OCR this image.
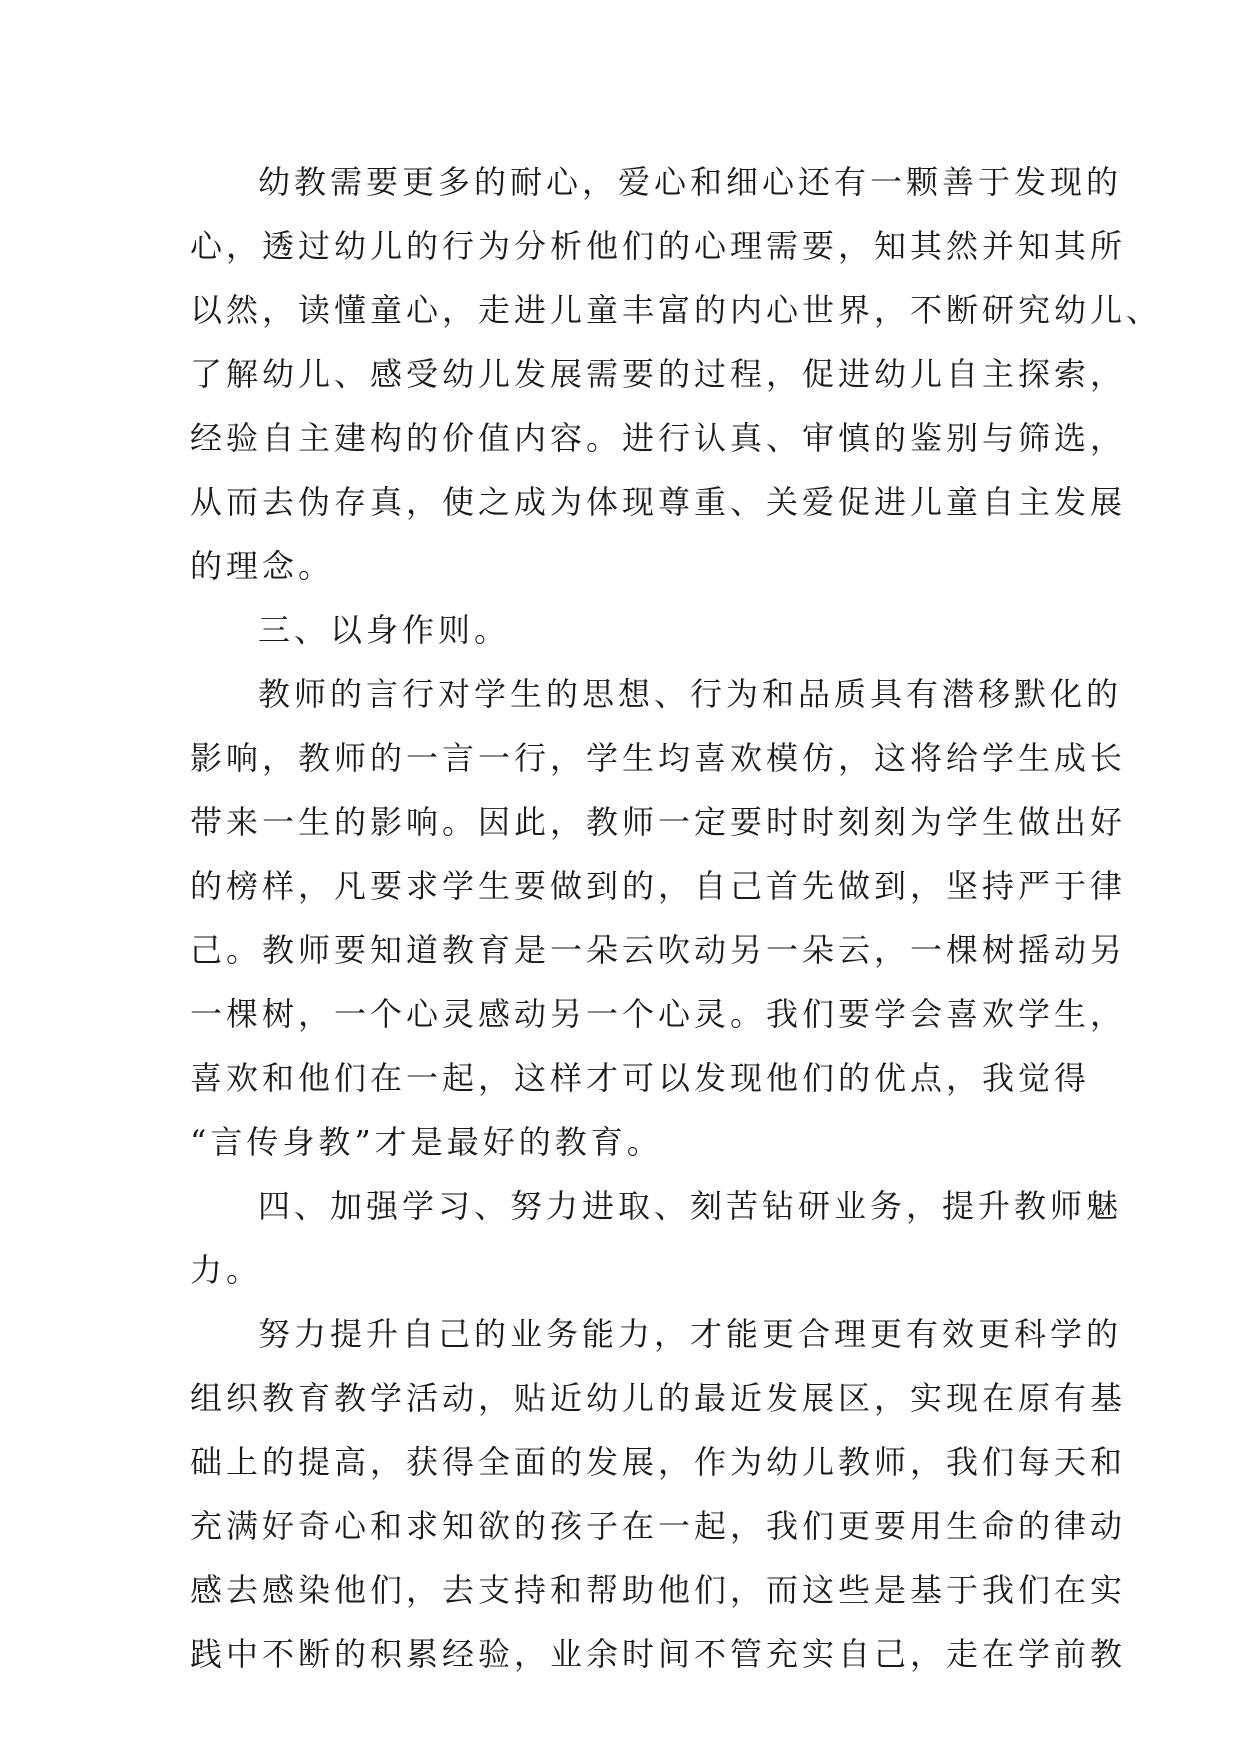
幼教需要更多的耐心，爱心和细心还有一颗善于发现的
心，透过幼儿的行为分析他们的心理需要，知其然并知其所
以然，读懂童心，走进儿童丰富的内心世界，不断研究幼儿、
了解幼儿、感受幼儿发展需要的过程，促进幼儿自主探索，
经验自主建构的价值内容。进行认真、审慎的鉴别与筛选，
从而去伪存真，使之成为体现尊重、关爱促进儿童自主发展
的理念。
三、以身作则。
教师的言行对学生的思想、行为和品质具有潜移默化的
影响，教师的一言一行，学生均喜欢模仿，这将给学生成长
带来一生的影响。因此，教师一定要时时刻刻为学生做出好
的榜样，凡要求学生要做到的，自己首先做到，坚持严于律
己。教师要知道教育是一朵云吹动另一朵云，一棵树摇动另
一棵树，一个心灵感动另一个心灵。我们要学会喜欢学生，
喜欢和他们在一起，这样才可以发现他们的优点，我觉得
“言传身教”才是最好的教育。
四、加强学习、努力进取、刻苦钻研业务，提升教师魅
力。
努力提升自己的业务能力，才能更合理更有效更科学的
组织教育教学活动，贴近幼儿的最近发展区，实现在原有基
础上的提高，获得全面的发展，作为幼儿教师，我们每天和
充满好奇心和求知欲的孩子在一起，我们更要用生命的律动
感去感染他们，去支持和帮助他们，而这些是基于我们在实
践中不断的积累经验，业余时间不管充实自己，走在学前教
